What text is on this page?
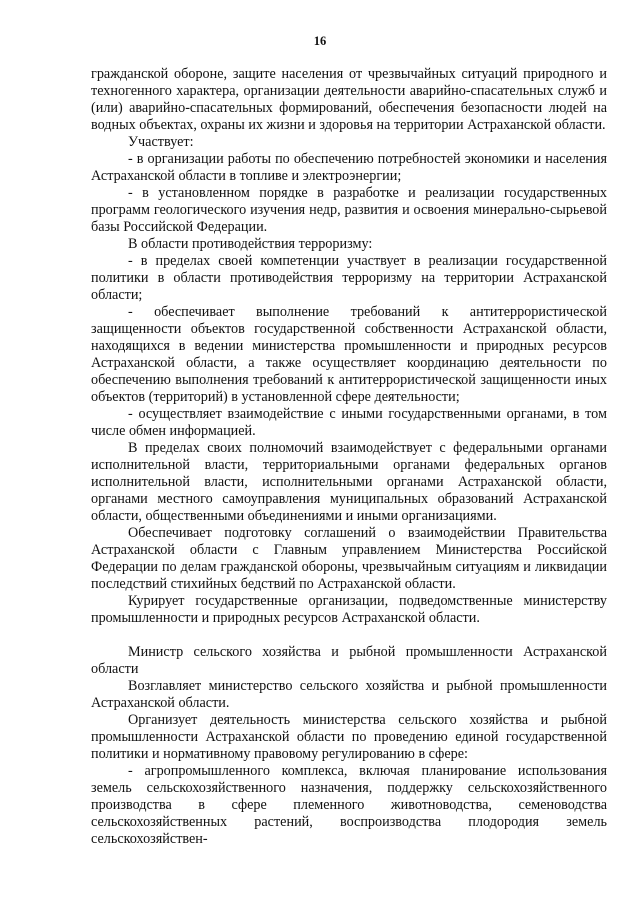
16

гражданской обороне, защите населения от чрезвычайных ситуаций природного и техногенного характера, организации деятельности аварийно-спасательных служб и (или) аварийно-спасательных формирований, обеспечения безопасности людей на водных объектах, охраны их жизни и здоровья на территории Астраханской области.

Участвует:

- в организации работы по обеспечению потребностей экономики и населения Астраханской области в топливе и электроэнергии;

- в установленном порядке в разработке и реализации государственных программ геологического изучения недр, развития и освоения минерально-сырьевой базы Российской Федерации.

В области противодействия терроризму:

- в пределах своей компетенции участвует в реализации государственной политики в области противодействия терроризму на территории Астраханской области;

- обеспечивает выполнение требований к антитеррористической защищенности объектов государственной собственности Астраханской области, находящихся в ведении министерства промышленности и природных ресурсов Астраханской области, а также осуществляет координацию деятельности по обеспечению выполнения требований к антитеррористической защищенности иных объектов (территорий) в установленной сфере деятельности;

- осуществляет взаимодействие с иными государственными органами, в том числе обмен информацией.

В пределах своих полномочий взаимодействует с федеральными органами исполнительной власти, территориальными органами федеральных органов исполнительной власти, исполнительными органами Астраханской области, органами местного самоуправления муниципальных образований Астраханской области, общественными объединениями и иными организациями.

Обеспечивает подготовку соглашений о взаимодействии Правительства Астраханской области с Главным управлением Министерства Российской Федерации по делам гражданской обороны, чрезвычайным ситуациям и ликвидации последствий стихийных бедствий по Астраханской области.

Курирует государственные организации, подведомственные министерству промышленности и природных ресурсов Астраханской области.

Министр сельского хозяйства и рыбной промышленности Астраханской области

Возглавляет министерство сельского хозяйства и рыбной промышленности Астраханской области.

Организует деятельность министерства сельского хозяйства и рыбной промышленности Астраханской области по проведению единой государственной политики и нормативному правовому регулированию в сфере:

- агропромышленного комплекса, включая планирование использования земель сельскохозяйственного назначения, поддержку сельскохозяйственного производства в сфере племенного животноводства, семеноводства сельскохозяйственных растений, воспроизводства плодородия земель сельскохозяйствен-
